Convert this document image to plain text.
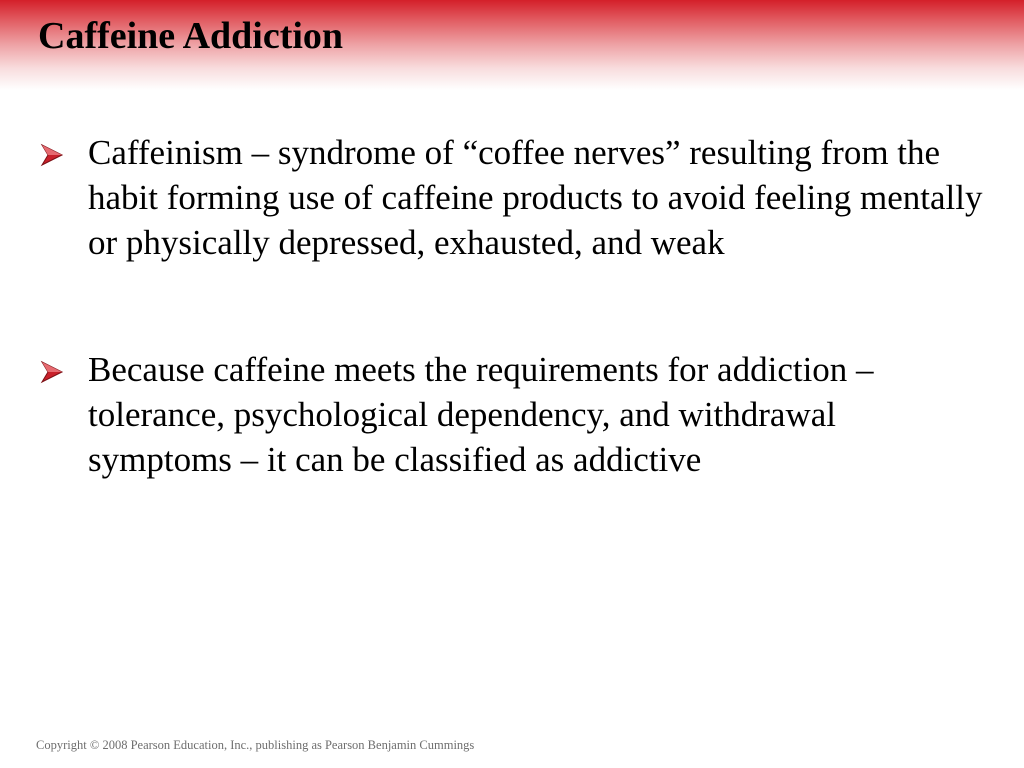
Caffeine Addiction
Caffeinism – syndrome of “coffee nerves” resulting from the habit forming use of caffeine products to avoid feeling mentally or physically depressed, exhausted, and weak
Because caffeine meets the requirements for addiction – tolerance, psychological dependency, and withdrawal symptoms – it can be classified as addictive
Copyright © 2008 Pearson Education, Inc., publishing as Pearson Benjamin Cummings
